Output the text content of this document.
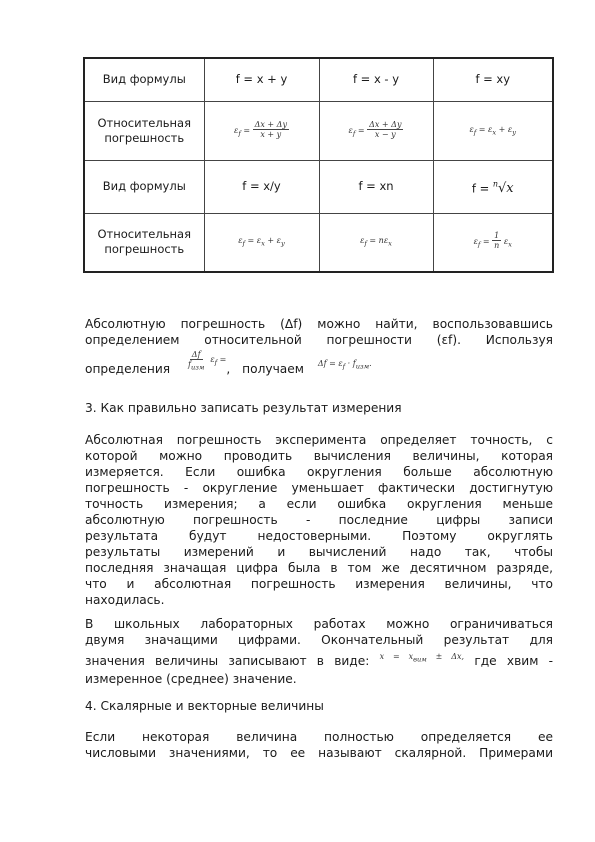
Вид формулы	f = x + y	f = x - y	f = xy
Относительная
погрешность	$\varepsilon_f = \frac{\Delta x + \Delta y}{x + y}$	$\varepsilon_f = \frac{\Delta x + \Delta y}{x - y}$	$\varepsilon_f = \varepsilon_x + \varepsilon_y$
Вид формулы	f = x/y	f = xn	f = $^n$√x
Относительная
погрешность	$\varepsilon_f = \varepsilon_x + \varepsilon_y$	$\varepsilon_f = n\varepsilon_x$	$\varepsilon_f = \frac{1}{n} \varepsilon_x$
Абсолютную погрешность (Δf) можно найти, воспользовавшись
определением относительной погрешности (εf). Используя
определения $\frac{\Delta f}{f_{изм}} ^{\varepsilon_f =}$, получаем $^{\Delta f = \varepsilon_f \cdot f_{изм}.}$
3. Как правильно записать результат измерения
Абсолютная погрешность эксперимента определяет точность, с
которой можно проводить вычисления величины, которая
измеряется. Если ошибка округления больше абсолютную
погрешность - округление уменьшает фактически достигнутую
точность измерения; а если ошибка округления меньше
абсолютную погрешность - последние цифры записи
результата будут недостоверными. Поэтому округлять
результаты измерений и вычислений надо так, чтобы
последняя значащая цифра была в том же десятичном разряде,
что и абсолютная погрешность измерения величины, что
находилась.
В школьных лабораторных работах можно ограничиваться
двумя значащими цифрами. Окончательный результат для
значения величины записывают в виде: $^{x = x_{вим} \pm \Delta x,}$ где хвим -
измеренное (среднее) значение.
4. Скалярные и векторные величины
Если некоторая величина полностью определяется ее
числовыми значениями, то ее называют скалярной. Примерами
